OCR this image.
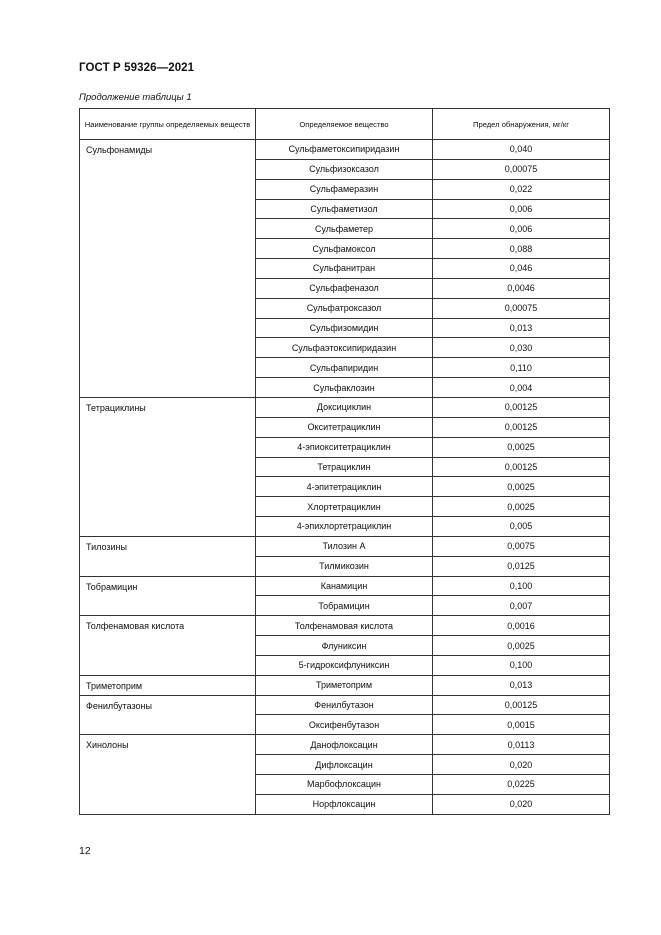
ГОСТ Р 59326—2021
Продолжение таблицы 1
Наименование группы определяемых веществ	Определяемое вещество	Предел обнаружения, мг/кг
Сульфонамиды	Сульфаметоксипиридазин	0,040
	Сульфизоксазол	0,00075
	Сульфамеразин	0,022
	Сульфаметизол	0,006
	Сульфаметер	0,006
	Сульфамоксол	0,088
	Сульфанитран	0,046
	Сульфафеназол	0,0046
	Сульфатроксазол	0,00075
	Сульфизомидин	0,013
	Сульфаэтоксипиридазин	0,030
	Сульфапиридин	0,110
	Сульфаклозин	0,004
Тетрациклины	Доксициклин	0,00125
	Окситетрациклин	0,00125
	4-эпиокситетрациклин	0,0025
	Тетрациклин	0,00125
	4-эпитетрациклин	0,0025
	Хлортетрациклин	0,0025
	4-эпихлортетрациклин	0,005
Тилозины	Тилозин А	0,0075
	Тилмикозин	0,0125
Тобрамицин	Канамицин	0,100
	Тобрамицин	0,007
Толфенамовая кислота	Толфенамовая кислота	0,0016
	Флуниксин	0,0025
	5-гидроксифлуниксин	0,100
Триметоприм	Триметоприм	0,013
Фенилбутазоны	Фенилбутазон	0,00125
	Оксифенбутазон	0,0015
Хинолоны	Данофлоксацин	0,0113
	Дифлоксацин	0,020
	Марбофлоксацин	0,0225
	Норфлоксацин	0,020
12
